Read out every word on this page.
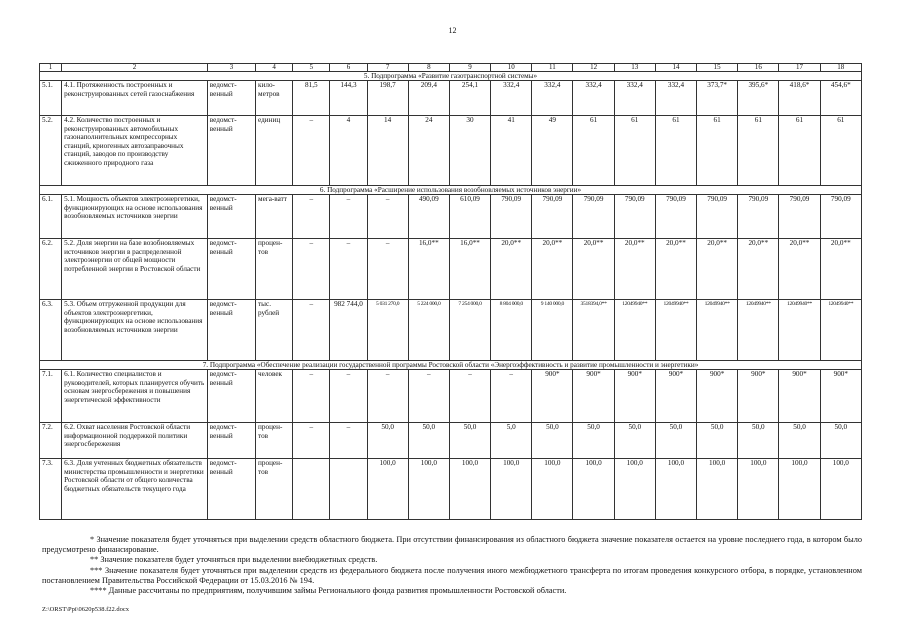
12
1	2	3	4	5	6	7	8	9	10	11	12	13	14	15	16	17	18
5. Подпрограмма «Развитие газотранспортной системы»																	
5.1.	4.1. Протяженность построенных и реконструированных сетей газоснабжения	ведомст-венный	кило-метров	81,5	144,3	198,7	209,4	254,1	332,4	332,4	332,4	332,4	332,4	373,7*	395,6*	418,6*	454,6*
5.2.	4.2. Количество построенных и реконструированных автомобильных газонаполнительных компрессорных станций, криогенных автозаправочных станций, заводов по производству сжиженного природного газа	ведомст-венный	единиц	–	4	14	24	30	41	49	61	61	61	61	61	61	61
6. Подпрограмма «Расширение использования возобновляемых источников энергии»																	
6.1.	5.1. Мощность объектов электроэнергетики, функционирующих на основе использования возобновляемых источников энергии	ведомст-венный	мега-ватт	–	–	–	490,09	610,09	790,09	790,09	790,09	790,09	790,09	790,09	790,09	790,09	790,09
6.2.	5.2. Доля энергии на базе возобновляемых источников энергии в распределенной электроэнергии от общей мощности потребленной энергии в Ростовской области	ведомст-венный	процен-тов	–	–	–	16,0**	16,0**	20,0**	20,0**	20,0**	20,0**	20,0**	20,0**	20,0**	20,0**	20,0**
6.3.	5.3. Объем отгруженной продукции для объектов электроэнергетики, функционирующих на основе использования возобновляемых источников энергии	ведомст-венный	тыс. рублей	–	982 744,0	5 031 270,0	5 224 000,0	7 254 000,0	8 804 000,0	9 140 000,0	3518394,0**	12049940**	12049940**	12049940**	12049940**	12049940**	12049940**
7. Подпрограмма «Обеспечение реализации государственной программы Ростовской области «Энергоэффективность и развитие промышленности и энергетики»																	
7.1.	6.1. Количество специалистов и руководителей, которых планируется обучить основам энергосбережения и повышения энергетической эффективности	ведомст-венный	человек	–	–	–	–	–	–	900*	900*	900*	900*	900*	900*	900*	900*
7.2.	6.2. Охват населения Ростовской области информационной поддержкой политики энергосбережения	ведомст-венный	процен-тов	–	–	50,0	50,0	50,0	5,0	50,0	50,0	50,0	50,0	50,0	50,0	50,0	50,0
7.3.	6.3. Доля учтенных бюджетных обязательств министерства промышленности и энергетики Ростовской области от общего количества бюджетных обязательств текущего года	ведомст-венный	процен-тов			100,0	100,0	100,0	100,0	100,0	100,0	100,0	100,0	100,0	100,0	100,0	100,0

* Значение показателя будет уточняться при выделении средств областного бюджета. При отсутствии финансирования из областного бюджета значение показателя остается на уровне последнего года, в котором было предусмотрено финансирование.

** Значение показателя будет уточняться при выделении внебюджетных средств.

*** Значение показателя будет уточняться при выделении средств из федерального бюджета после получения иного межбюджетного трансферта по итогам проведения конкурсного отбора, в порядке, установленном постановлением Правительства Российской Федерации от 15.03.2016 № 194.

**** Данные рассчитаны по предприятиям, получившим займы Регионального фонда развития промышленности Ростовской области.

Z:\ORST\Ppi\0620p538.f22.docx
